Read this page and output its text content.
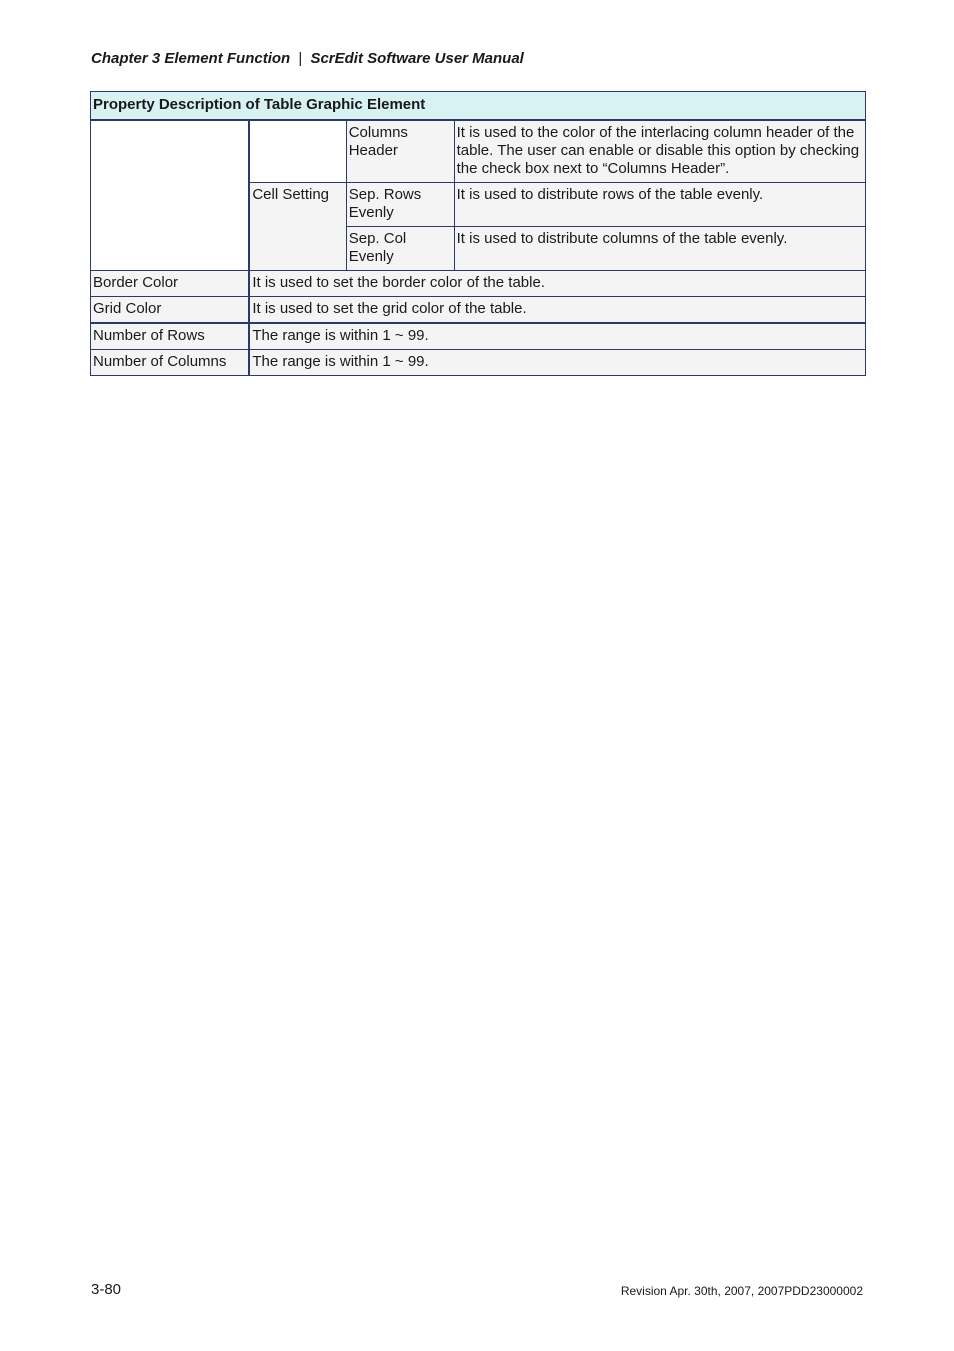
Chapter 3 Element Function | ScrEdit Software User Manual
Property Description of Table Graphic Element			
		Columns Header	It is used to the color of the interlacing column header of the table. The user can enable or disable this option by checking the check box next to “Columns Header”.
	Cell Setting	Sep. Rows Evenly	It is used to distribute rows of the table evenly.
		Sep. Col Evenly	It is used to distribute columns of the table evenly.
Border Color	It is used to set the border color of the table.		
Grid Color	It is used to set the grid color of the table.		
Number of Rows	The range is within 1 ~ 99.		
Number of Columns	The range is within 1 ~ 99.		
3-80	Revision Apr. 30th, 2007, 2007PDD23000002
